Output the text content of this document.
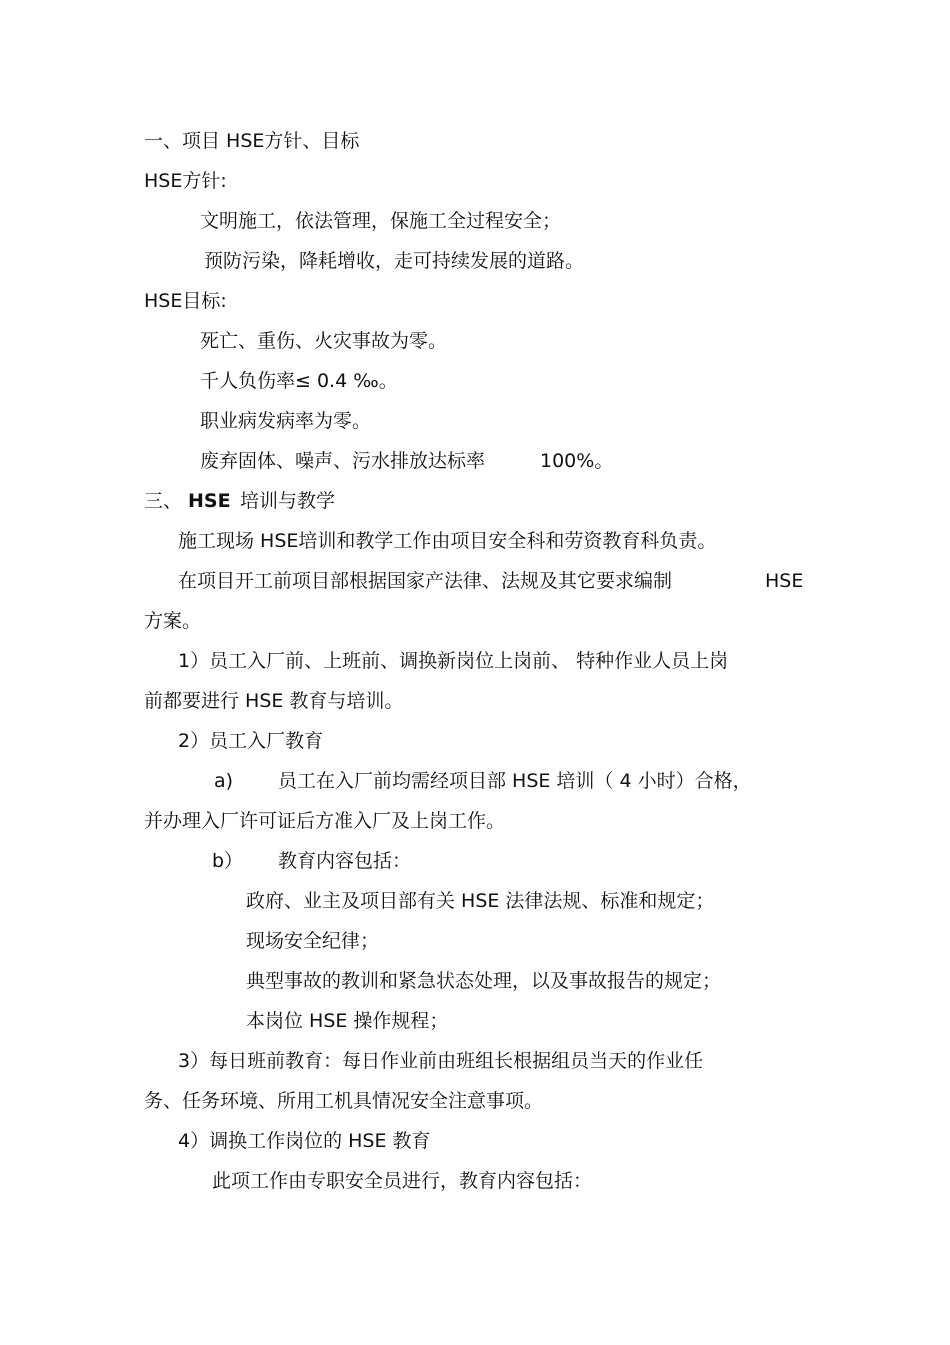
一、项目 HSE方针、目标
HSE方针:
文明施工，依法管理，保施工全过程安全；
预防污染，降耗增收，走可持续发展的道路。
HSE目标:
死亡、重伤、火灾事故为零。
千人负伤率≤ 0.4 ‰。
职业病发病率为零。
废弃固体、噪声、污水排放达标率	100%。
三、 HSE 培训与教学
施工现场 HSE培训和教学工作由项目安全科和劳资教育科负责。
在项目开工前项目部根据国家产法律、法规及其它要求编制	HSE
方案。
1）员工入厂前、上班前、调换新岗位上岗前、 特种作业人员上岗
前都要进行 HSE 教育与培训。
2）员工入厂教育
a) 员工在入厂前均需经项目部 HSE 培训（ 4 小时）合格，
并办理入厂许可证后方准入厂及上岗工作。
b） 教育内容包括：
政府、业主及项目部有关 HSE 法律法规、标准和规定；
现场安全纪律；
典型事故的教训和紧急状态处理，以及事故报告的规定；
本岗位 HSE 操作规程；
3）每日班前教育：每日作业前由班组长根据组员当天的作业任
务、任务环境、所用工机具情况安全注意事项。
4）调换工作岗位的 HSE 教育
此项工作由专职安全员进行，教育内容包括：
